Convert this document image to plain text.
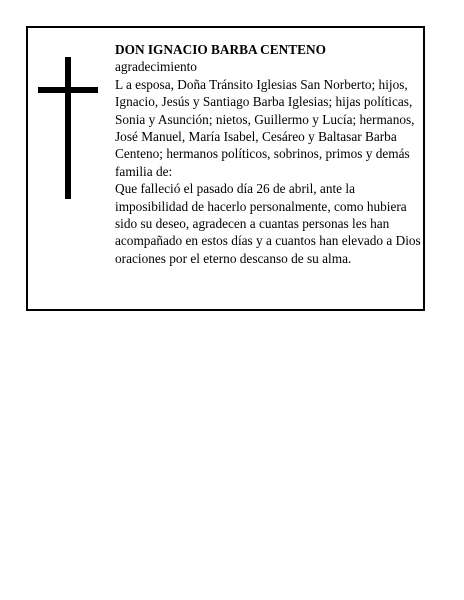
DON IGNACIO BARBA CENTENO

agradecimiento

L a esposa, Doña Tránsito Iglesias San Norberto; hijos, Ignacio, Jesús y Santiago Barba Iglesias; hijas políticas, Sonia y Asunción; nietos, Guillermo y Lucía; hermanos, José Manuel, María Isabel, Cesáreo y Baltasar Barba Centeno; hermanos políticos, sobrinos, primos y demás familia de:

Que falleció el pasado día 26 de abril, ante la imposibilidad de hacerlo personalmente, como hubiera sido su deseo, agradecen a cuantas personas les han acompañado en estos días y a cuantos han elevado a Dios oraciones por el eterno descanso de su alma.
